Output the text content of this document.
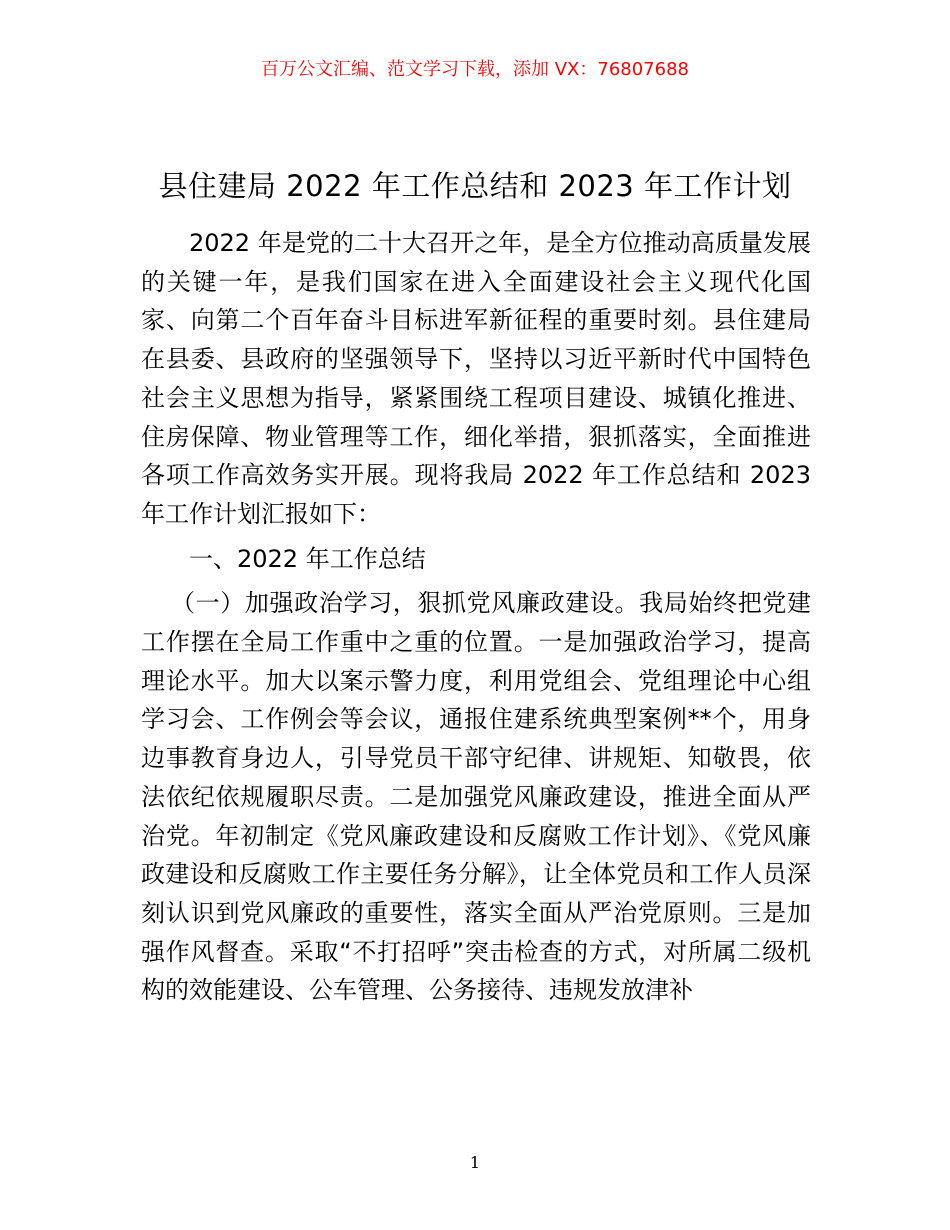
百万公文汇编、范文学习下载，添加 VX：76807688
县住建局 2022 年工作总结和 2023 年工作计划

2022 年是党的二十大召开之年，是全方位推动高质量发展的关键一年，是我们国家在进入全面建设社会主义现代化国家、向第二个百年奋斗目标进军新征程的重要时刻。县住建局在县委、县政府的坚强领导下，坚持以习近平新时代中国特色社会主义思想为指导，紧紧围绕工程项目建设、城镇化推进、住房保障、物业管理等工作，细化举措，狠抓落实，全面推进各项工作高效务实开展。现将我局 2022 年工作总结和 2023 年工作计划汇报如下：

一、2022 年工作总结

（一）加强政治学习，狠抓党风廉政建设。我局始终把党建工作摆在全局工作重中之重的位置。一是加强政治学习，提高理论水平。加大以案示警力度，利用党组会、党组理论中心组学习会、工作例会等会议，通报住建系统典型案例**个，用身边事教育身边人，引导党员干部守纪律、讲规矩、知敬畏，依法依纪依规履职尽责。二是加强党风廉政建设，推进全面从严治党。年初制定《党风廉政建设和反腐败工作计划》、《党风廉政建设和反腐败工作主要任务分解》，让全体党员和工作人员深刻认识到党风廉政的重要性，落实全面从严治党原则。三是加强作风督查。采取“不打招呼”突击检查的方式，对所属二级机构的效能建设、公车管理、公务接待、违规发放津补

1
